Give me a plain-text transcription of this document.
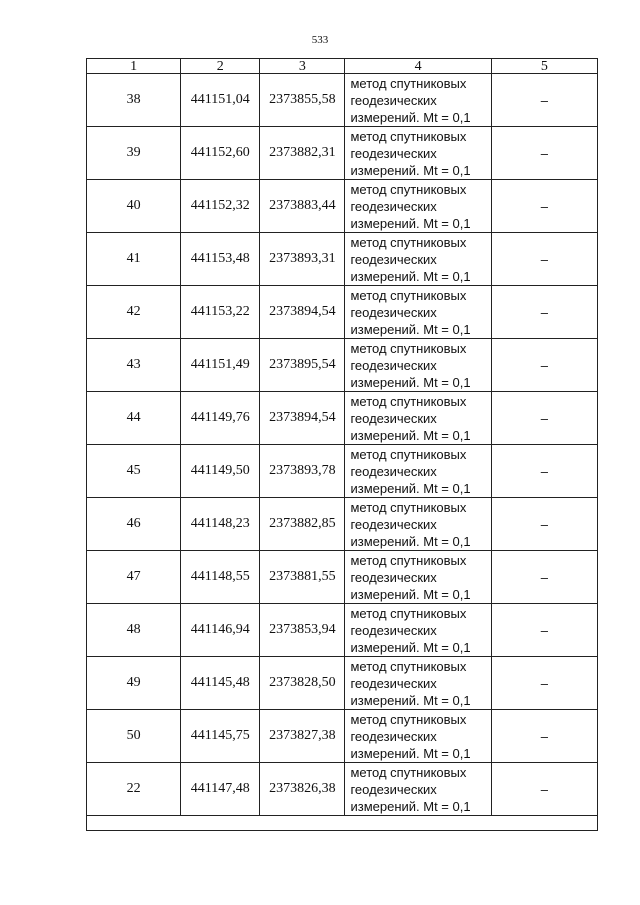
533
1	2	3	4	5
38	441151,04	2373855,58	метод спутниковых
геодезических
измерений. Mt = 0,1	–
39	441152,60	2373882,31	метод спутниковых
геодезических
измерений. Mt = 0,1	–
40	441152,32	2373883,44	метод спутниковых
геодезических
измерений. Mt = 0,1	–
41	441153,48	2373893,31	метод спутниковых
геодезических
измерений. Mt = 0,1	–
42	441153,22	2373894,54	метод спутниковых
геодезических
измерений. Mt = 0,1	–
43	441151,49	2373895,54	метод спутниковых
геодезических
измерений. Mt = 0,1	–
44	441149,76	2373894,54	метод спутниковых
геодезических
измерений. Mt = 0,1	–
45	441149,50	2373893,78	метод спутниковых
геодезических
измерений. Mt = 0,1	–
46	441148,23	2373882,85	метод спутниковых
геодезических
измерений. Mt = 0,1	–
47	441148,55	2373881,55	метод спутниковых
геодезических
измерений. Mt = 0,1	–
48	441146,94	2373853,94	метод спутниковых
геодезических
измерений. Mt = 0,1	–
49	441145,48	2373828,50	метод спутниковых
геодезических
измерений. Mt = 0,1	–
50	441145,75	2373827,38	метод спутниковых
геодезических
измерений. Mt = 0,1	–
22	441147,48	2373826,38	метод спутниковых
геодезических
измерений. Mt = 0,1	–
